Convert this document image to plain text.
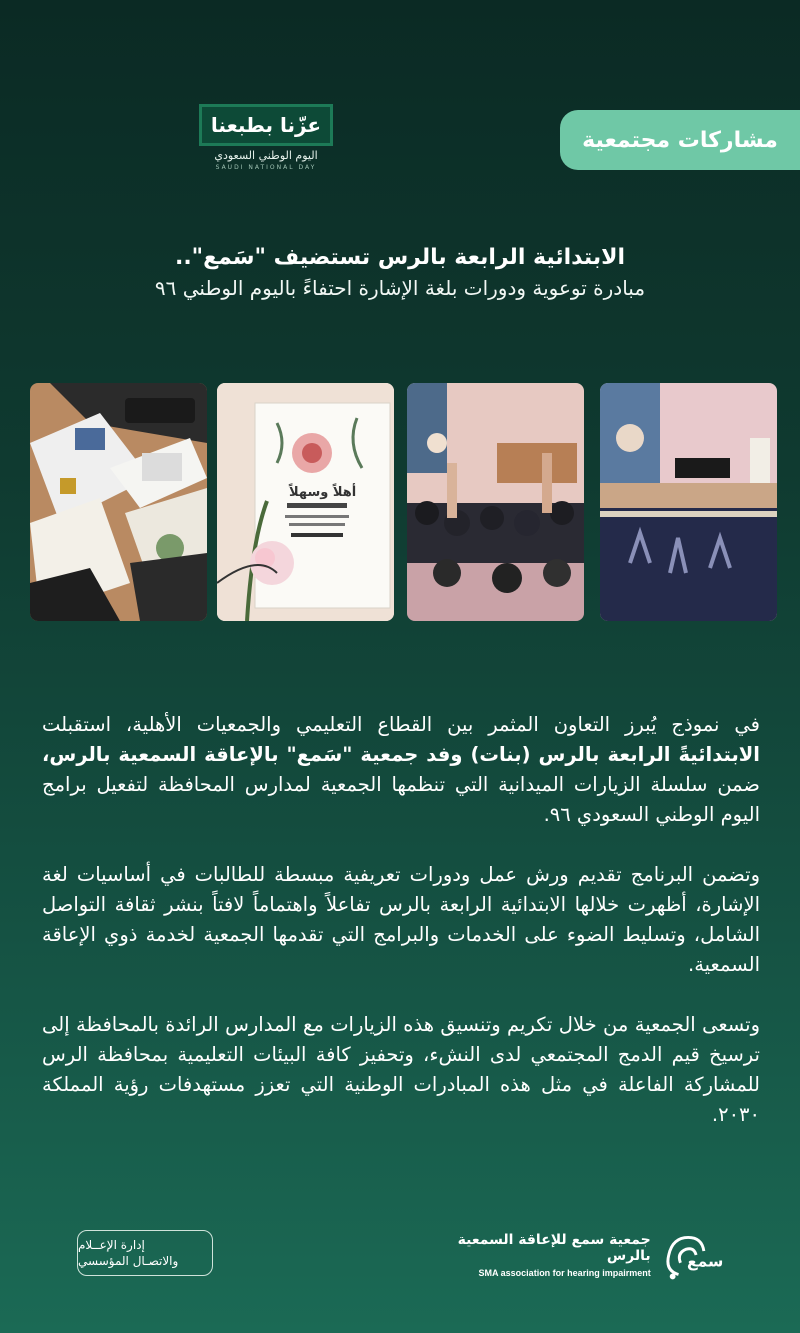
مشاركات مجتمعية
عزّنا بطبعنا
اليوم الوطني السعودي
SAUDI NATIONAL DAY
الابتدائية الرابعة بالرس تستضيف "سَمع"..
مبادرة توعوية ودورات بلغة الإشارة احتفاءً باليوم الوطني ٩٦
أهلاً وسهلاً

في نموذج يُبرز التعاون المثمر بين القطاع التعليمي والجمعيات الأهلية، استقبلت الابتدائيةً الرابعة بالرس (بنات) وفد جمعية "سَمع" بالإعاقة السمعية بالرس، ضمن سلسلة الزيارات الميدانية التي تنظمها الجمعية لمدارس المحافظة لتفعيل برامج اليوم الوطني السعودي ٩٦.

وتضمن البرنامج تقديم ورش عمل ودورات تعريفية مبسطة للطالبات في أساسيات لغة الإشارة، أظهرت خلالها الابتدائية الرابعة بالرس تفاعلاً واهتماماً لافتاً بنشر ثقافة التواصل الشامل، وتسليط الضوء على الخدمات والبرامج التي تقدمها الجمعية لخدمة ذوي الإعاقة السمعية.

وتسعى الجمعية من خلال تكريم وتنسيق هذه الزيارات مع المدارس الرائدة بالمحافظة إلى ترسيخ قيم الدمج المجتمعي لدى النشء، وتحفيز كافة البيئات التعليمية بمحافظة الرس للمشاركة الفاعلة في مثل هذه المبادرات الوطنية التي تعزز مستهدفات رؤية المملكة ٢٠٣٠.

إدارة الإعــلام
والاتصـال المؤسسي
جمعية سمع للإعاقة السمعية بالرس
SMA association for hearing impairment
سمع
